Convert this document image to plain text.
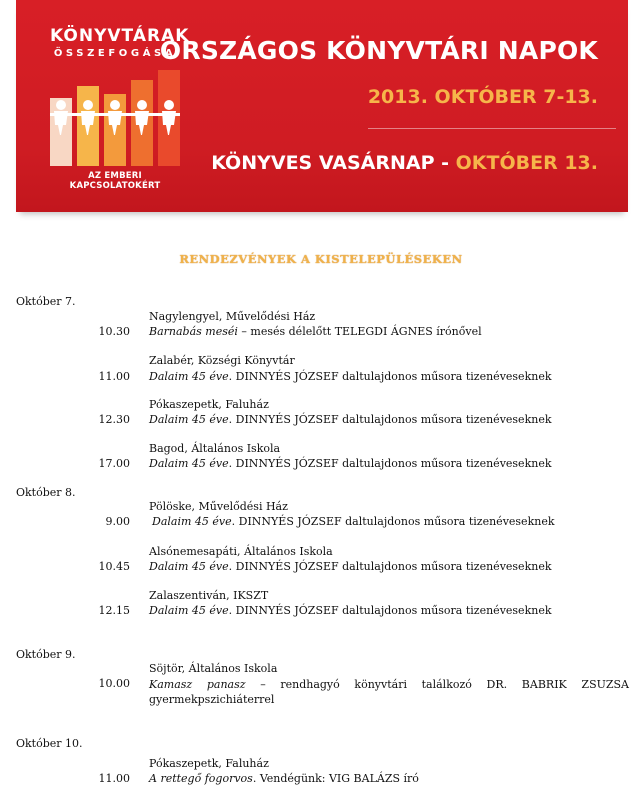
KÖNYVTÁRAK
ÖSSZEFOGÁSA
AZ EMBERI KAPCSOLATOKÉRT
ORSZÁGOS KÖNYVTÁRI NAPOK
2013. OKTÓBER 7-13.
KÖNYVES VASÁRNAP - OKTÓBER 13.
RENDEZVÉNYEK A KISTELEPÜLÉSEKEN
Október 7.
Nagylengyel, Művelődési Ház
10.30 Barnabás meséi – mesés délelőtt TELEGDI ÁGNES írónővel
Zalabér, Községi Könyvtár
11.00 Dalaim 45 éve. DINNYÉS JÓZSEF daltulajdonos műsora tizenéveseknek
Pókaszepetk, Faluház
12.30 Dalaim 45 éve. DINNYÉS JÓZSEF daltulajdonos műsora tizenéveseknek
Bagod, Általános Iskola
17.00 Dalaim 45 éve. DINNYÉS JÓZSEF daltulajdonos műsora tizenéveseknek
Október 8.
Pölöske, Művelődési Ház
9.00 Dalaim 45 éve. DINNYÉS JÓZSEF daltulajdonos műsora tizenéveseknek
Alsónemesapáti, Általános Iskola
10.45 Dalaim 45 éve. DINNYÉS JÓZSEF daltulajdonos műsora tizenéveseknek
Zalaszentiván, IKSZT
12.15 Dalaim 45 éve. DINNYÉS JÓZSEF daltulajdonos műsora tizenéveseknek
Október 9.
Söjtör, Általános Iskola
10.00 Kamasz panasz – rendhagyó könyvtári találkozó DR. BABRIK ZSUZSA gyermekpszichiáterrel
Október 10.
Pókaszepetk, Faluház
11.00 A rettegő fogorvos. Vendégünk: VIG BALÁZS író
